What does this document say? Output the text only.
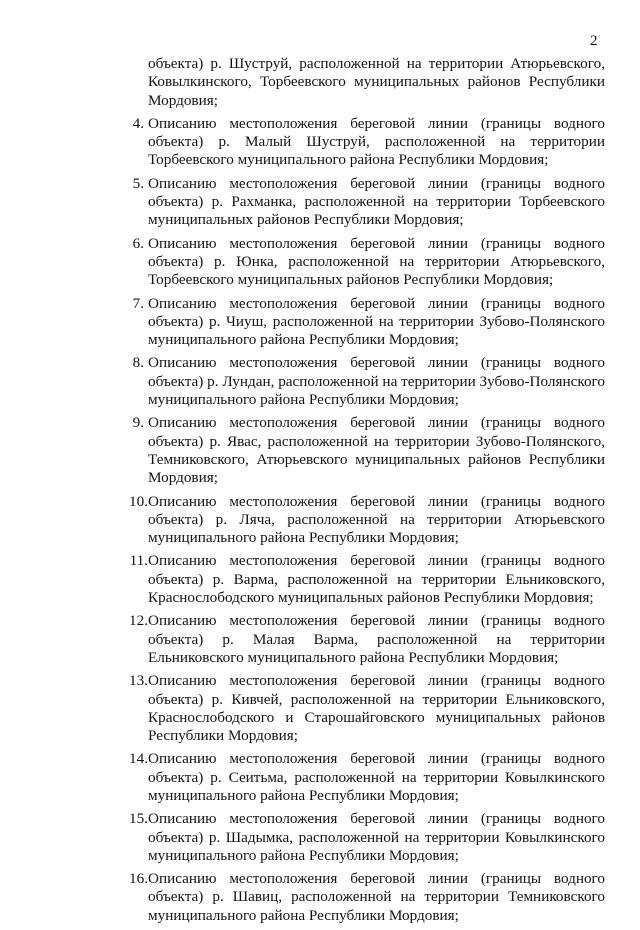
2
объекта) р. Шуструй, расположенной на территории Атюрьевского, Ковылкинского, Торбеевского муниципальных районов Республики Мордовия;
4. Описанию местоположения береговой линии (границы водного объекта) р. Малый Шуструй, расположенной на территории Торбеевского муниципального района Республики Мордовия;
5. Описанию местоположения береговой линии (границы водного объекта) р. Рахманка, расположенной на территории Торбеевского муниципальных районов Республики Мордовия;
6. Описанию местоположения береговой линии (границы водного объекта) р. Юнка, расположенной на территории Атюрьевского, Торбеевского муниципальных районов Республики Мордовия;
7. Описанию местоположения береговой линии (границы водного объекта) р. Чиуш, расположенной на территории Зубово-Полянского муниципального района Республики Мордовия;
8. Описанию местоположения береговой линии (границы водного объекта) р. Лундан, расположенной на территории Зубово-Полянского муниципального района Республики Мордовия;
9. Описанию местоположения береговой линии (границы водного объекта) р. Явас, расположенной на территории Зубово-Полянского, Темниковского, Атюрьевского муниципальных районов Республики Мордовия;
10. Описанию местоположения береговой линии (границы водного объекта) р. Ляча, расположенной на территории Атюрьевского муниципального района Республики Мордовия;
11. Описанию местоположения береговой линии (границы водного объекта) р. Варма, расположенной на территории Ельниковского, Краснослободского муниципальных районов Республики Мордовия;
12. Описанию местоположения береговой линии (границы водного объекта) р. Малая Варма, расположенной на территории Ельниковского муниципального района Республики Мордовия;
13. Описанию местоположения береговой линии (границы водного объекта) р. Кивчей, расположенной на территории Ельниковского, Краснослободского и Старошайговского муниципальных районов Республики Мордовия;
14. Описанию местоположения береговой линии (границы водного объекта) р. Сеитьма, расположенной на территории Ковылкинского муниципального района Республики Мордовия;
15. Описанию местоположения береговой линии (границы водного объекта) р. Шадымка, расположенной на территории Ковылкинского муниципального района Республики Мордовия;
16. Описанию местоположения береговой линии (границы водного объекта) р. Шавиц, расположенной на территории Темниковского муниципального района Республики Мордовия;
